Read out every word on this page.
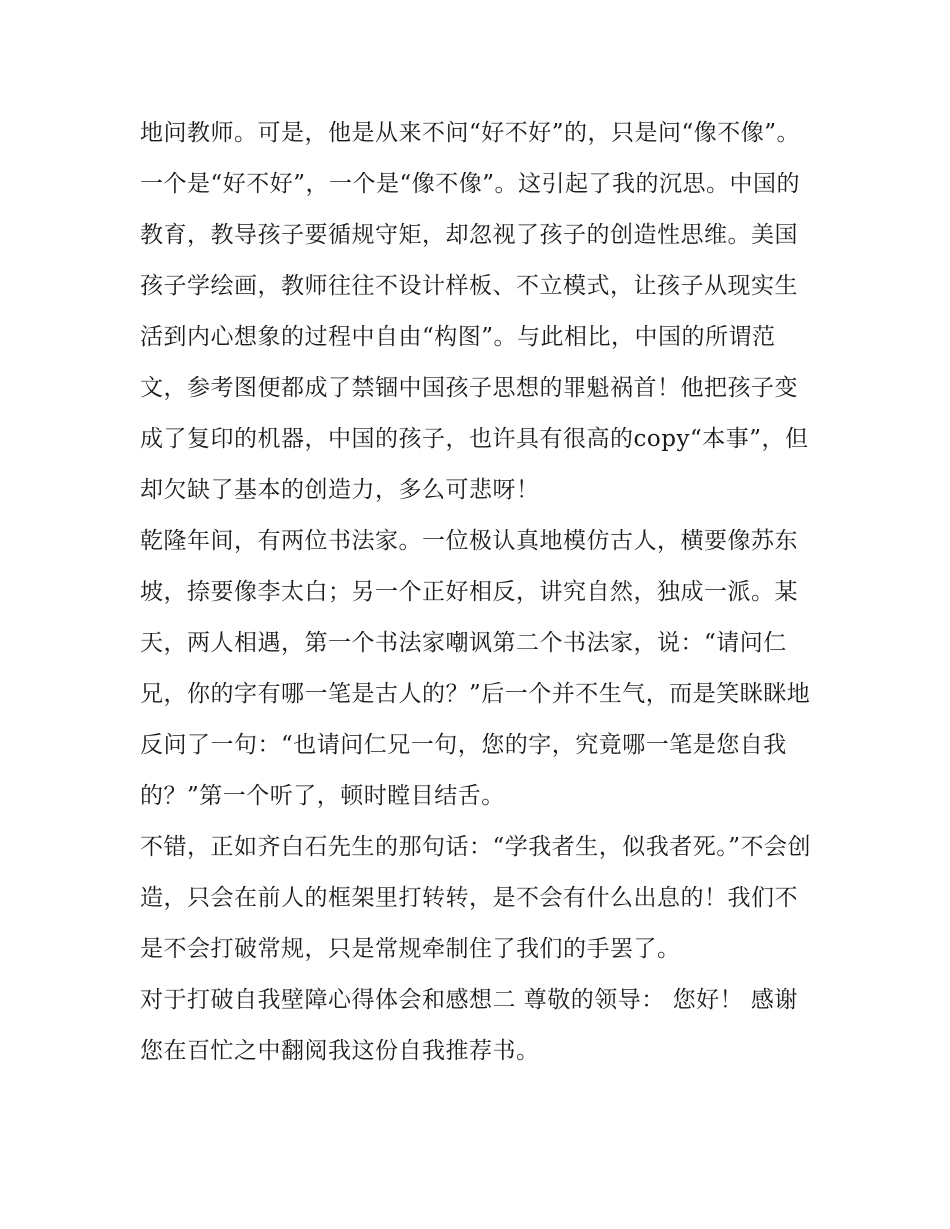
地问教师。可是，他是从来不问“好不好”的，只是问“像不像”。

一个是“好不好”，一个是“像不像”。这引起了我的沉思。中国的教育，教导孩子要循规守矩，却忽视了孩子的创造性思维。美国孩子学绘画，教师往往不设计样板、不立模式，让孩子从现实生活到内心想象的过程中自由“构图”。与此相比，中国的所谓范文，参考图便都成了禁锢中国孩子思想的罪魁祸首！他把孩子变成了复印的机器，中国的孩子，也许具有很高的copy“本事”，但却欠缺了基本的创造力，多么可悲呀！

乾隆年间，有两位书法家。一位极认真地模仿古人，横要像苏东坡，捺要像李太白；另一个正好相反，讲究自然，独成一派。某天，两人相遇，第一个书法家嘲讽第二个书法家，说：“请问仁兄，你的字有哪一笔是古人的？”后一个并不生气，而是笑眯眯地反问了一句：“也请问仁兄一句，您的字，究竟哪一笔是您自我的？”第一个听了，顿时瞠目结舌。

不错，正如齐白石先生的那句话：“学我者生，似我者死。”不会创造，只会在前人的框架里打转转，是不会有什么出息的！我们不是不会打破常规，只是常规牵制住了我们的手罢了。

对于打破自我壁障心得体会和感想二 尊敬的领导： 您好！ 感谢您在百忙之中翻阅我这份自我推荐书。
